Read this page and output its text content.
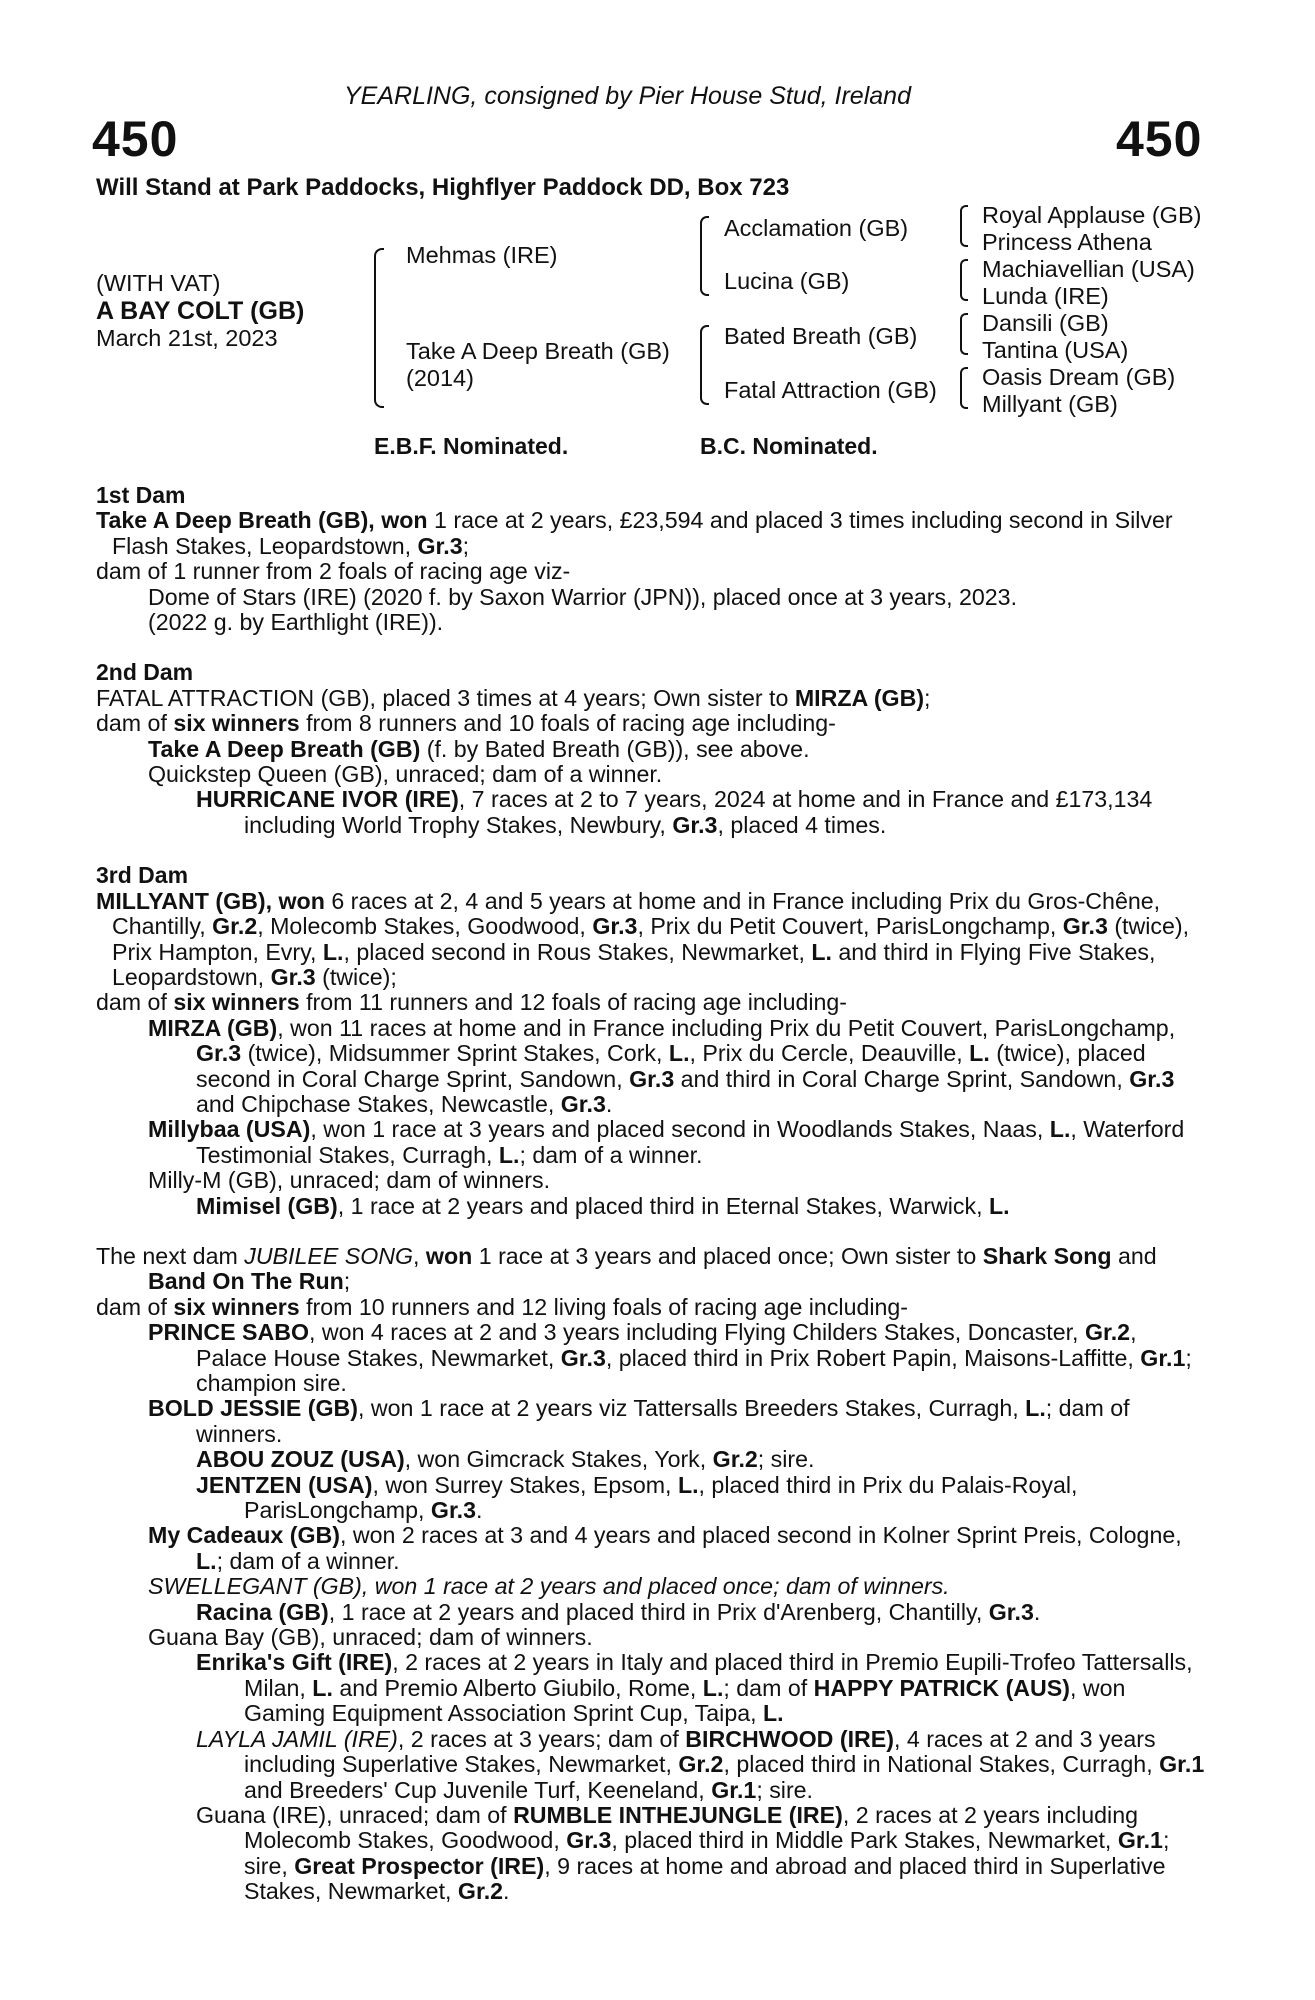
YEARLING, consigned by Pier House Stud, Ireland
450	450
Will Stand at Park Paddocks, Highflyer Paddock DD, Box 723
(WITH VAT)
A BAY COLT (GB)
March 21st, 2023
Mehmas (IRE)
Take A Deep Breath (GB)
(2014)
Acclamation (GB)
Lucina (GB)
Bated Breath (GB)
Fatal Attraction (GB)
Royal Applause (GB)
Princess Athena
Machiavellian (USA)
Lunda (IRE)
Dansili (GB)
Tantina (USA)
Oasis Dream (GB)
Millyant (GB)
E.B.F. Nominated.	B.C. Nominated.

1st Dam

Take A Deep Breath (GB), won 1 race at 2 years, £23,594 and placed 3 times including second in Silver Flash Stakes, Leopardstown, Gr.3;

dam of 1 runner from 2 foals of racing age viz-

Dome of Stars (IRE) (2020 f. by Saxon Warrior (JPN)), placed once at 3 years, 2023.

(2022 g. by Earthlight (IRE)).

2nd Dam

FATAL ATTRACTION (GB), placed 3 times at 4 years; Own sister to MIRZA (GB);

dam of six winners from 8 runners and 10 foals of racing age including-

Take A Deep Breath (GB) (f. by Bated Breath (GB)), see above.

Quickstep Queen (GB), unraced; dam of a winner.

HURRICANE IVOR (IRE), 7 races at 2 to 7 years, 2024 at home and in France and £173,134 including World Trophy Stakes, Newbury, Gr.3, placed 4 times.

3rd Dam

MILLYANT (GB), won 6 races at 2, 4 and 5 years at home and in France including Prix du Gros-Chêne, Chantilly, Gr.2, Molecomb Stakes, Goodwood, Gr.3, Prix du Petit Couvert, ParisLongchamp, Gr.3 (twice), Prix Hampton, Evry, L., placed second in Rous Stakes, Newmarket, L. and third in Flying Five Stakes, Leopardstown, Gr.3 (twice);

dam of six winners from 11 runners and 12 foals of racing age including-

MIRZA (GB), won 11 races at home and in France including Prix du Petit Couvert, ParisLongchamp, Gr.3 (twice), Midsummer Sprint Stakes, Cork, L., Prix du Cercle, Deauville, L. (twice), placed second in Coral Charge Sprint, Sandown, Gr.3 and third in Coral Charge Sprint, Sandown, Gr.3 and Chipchase Stakes, Newcastle, Gr.3.

Millybaa (USA), won 1 race at 3 years and placed second in Woodlands Stakes, Naas, L., Waterford Testimonial Stakes, Curragh, L.; dam of a winner.

Milly-M (GB), unraced; dam of winners.

Mimisel (GB), 1 race at 2 years and placed third in Eternal Stakes, Warwick, L.

The next dam JUBILEE SONG, won 1 race at 3 years and placed once; Own sister to Shark Song and Band On The Run;

dam of six winners from 10 runners and 12 living foals of racing age including-

PRINCE SABO, won 4 races at 2 and 3 years including Flying Childers Stakes, Doncaster, Gr.2, Palace House Stakes, Newmarket, Gr.3, placed third in Prix Robert Papin, Maisons-Laffitte, Gr.1; champion sire.

BOLD JESSIE (GB), won 1 race at 2 years viz Tattersalls Breeders Stakes, Curragh, L.; dam of winners.

ABOU ZOUZ (USA), won Gimcrack Stakes, York, Gr.2; sire.

JENTZEN (USA), won Surrey Stakes, Epsom, L., placed third in Prix du Palais-Royal, ParisLongchamp, Gr.3.

My Cadeaux (GB), won 2 races at 3 and 4 years and placed second in Kolner Sprint Preis, Cologne, L.; dam of a winner.

SWELLEGANT (GB), won 1 race at 2 years and placed once; dam of winners.

Racina (GB), 1 race at 2 years and placed third in Prix d'Arenberg, Chantilly, Gr.3.

Guana Bay (GB), unraced; dam of winners.

Enrika's Gift (IRE), 2 races at 2 years in Italy and placed third in Premio Eupili-Trofeo Tattersalls, Milan, L. and Premio Alberto Giubilo, Rome, L.; dam of HAPPY PATRICK (AUS), won Gaming Equipment Association Sprint Cup, Taipa, L.

LAYLA JAMIL (IRE), 2 races at 3 years; dam of BIRCHWOOD (IRE), 4 races at 2 and 3 years including Superlative Stakes, Newmarket, Gr.2, placed third in National Stakes, Curragh, Gr.1 and Breeders' Cup Juvenile Turf, Keeneland, Gr.1; sire.

Guana (IRE), unraced; dam of RUMBLE INTHEJUNGLE (IRE), 2 races at 2 years including Molecomb Stakes, Goodwood, Gr.3, placed third in Middle Park Stakes, Newmarket, Gr.1; sire, Great Prospector (IRE), 9 races at home and abroad and placed third in Superlative Stakes, Newmarket, Gr.2.
